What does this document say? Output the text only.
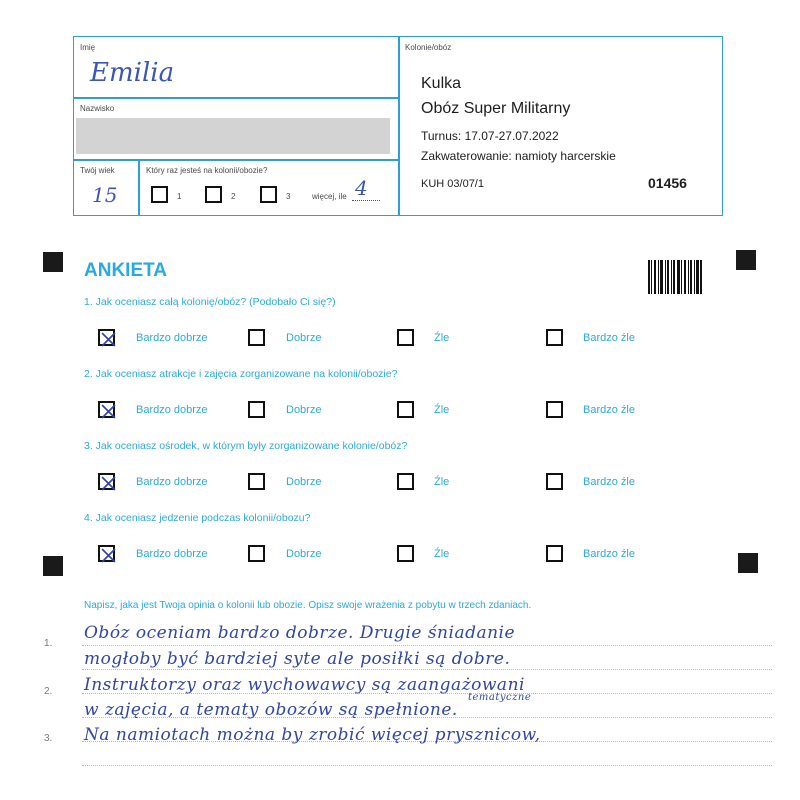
Imię
Emilia
Nazwisko
Twój wiek
15
Który raz jesteś na kolonii/obozie?
1	2	3	więcej, ile 4
Kolonie/obóz
Kulka
Obóz Super Militarny
Turnus: 17.07-27.07.2022
Zakwaterowanie: namioty harcerskie
KUH 03/07/1	01456
ANKIETA
1. Jak oceniasz całą kolonię/obóz? (Podobało Ci się?)
Bardzo dobrze	Dobrze	Źle	Bardzo źle
2. Jak oceniasz atrakcje i zajęcia zorganizowane na kolonii/obozie?
Bardzo dobrze	Dobrze	Źle	Bardzo źle
3. Jak oceniasz ośrodek, w którym były zorganizowane kolonie/obóz?
Bardzo dobrze	Dobrze	Źle	Bardzo źle
4. Jak oceniasz jedzenie podczas kolonii/obozu?
Bardzo dobrze	Dobrze	Źle	Bardzo źle
Napisz, jaka jest Twoja opinia o kolonii lub obozie. Opisz swoje wrażenia z pobytu w trzech zdaniach.
1.
2.
3.
Obóz oceniam bardzo dobrze. Drugie śniadanie
mogłoby być bardziej syte ale posiłki są dobre.
Instruktorzy oraz wychowawcy są zaangażowani
tematyczne
w zajęcia, a tematy obozów są spełnione.
Na namiotach można by zrobić więcej prysznicow,
